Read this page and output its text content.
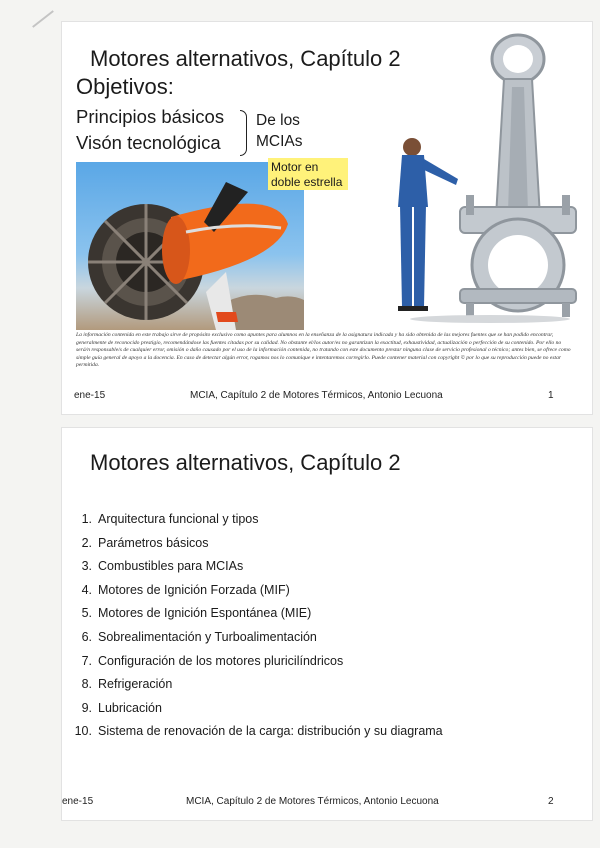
Motores alternativos, Capítulo 2
Objetivos:
Principios básicos
Visón tecnológica
De los MCIAs
Motor en doble estrella
La información contenida en este trabajo sirve de propósito exclusivo como apuntes para alumnos en la enseñanza de la asignatura indicada y ha sido obtenida de las mejores fuentes que se han podido encontrar, generalmente de reconocido prestigio, recomendándose las fuentes citadas por su calidad. No obstante el/los autor/es no garantizan la exactitud, exhaustividad, actualización o perfección de su contenido. Por ello no será/n responsable/s de cualquier error, omisión o daño causado por el uso de la información contenida, no tratando con este documento prestar ninguna clase de servicio profesional o técnico; antes bien, se ofrece como simple guía general de apoyo a la docencia. En caso de detectar algún error, rogamos nos lo comunique e intentaremos corregirlo. Puede contener material con copyright © por lo que su reproducción puede no estar permitida.
ene-15	MCIA, Capítulo 2 de Motores Térmicos, Antonio Lecuona	1
Motores alternativos, Capítulo 2
1. Arquitectura funcional y tipos
2. Parámetros básicos
3. Combustibles para MCIAs
4. Motores de Ignición Forzada (MIF)
5. Motores de Ignición Espontánea (MIE)
6. Sobrealimentación y Turboalimentación
7. Configuración de los motores pluricilíndricos
8. Refrigeración
9. Lubricación
10. Sistema de renovación de la carga: distribución y su diagrama
ene-15	MCIA, Capítulo 2 de Motores Térmicos, Antonio Lecuona	2
